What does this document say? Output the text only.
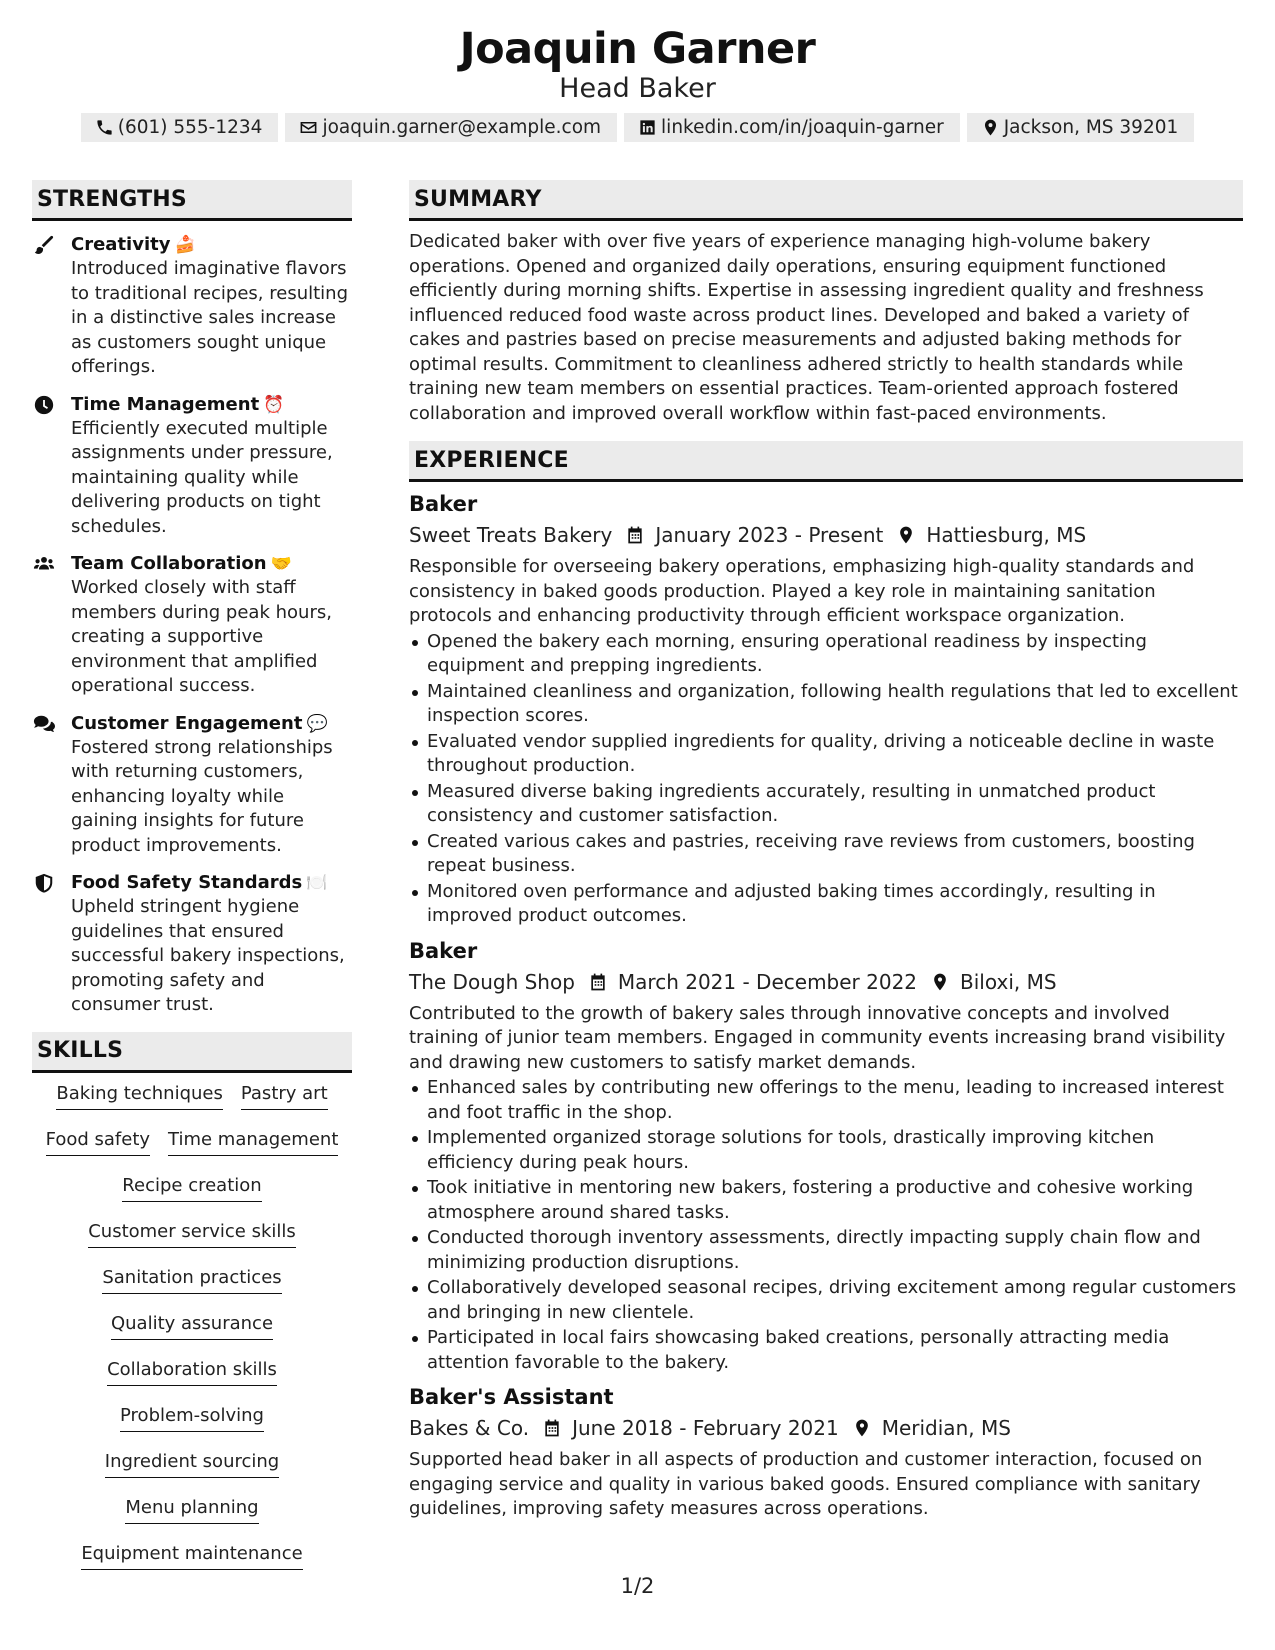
Joaquin Garner
Head Baker
(601) 555-1234	joaquin.garner@example.com	linkedin.com/in/joaquin-garner	Jackson, MS 39201
STRENGTHS
Creativity 🍰
Introduced imaginative flavors to traditional recipes, resulting in a distinctive sales increase as customers sought unique offerings.
Time Management ⏰
Efficiently executed multiple assignments under pressure, maintaining quality while delivering products on tight schedules.
Team Collaboration 🤝
Worked closely with staff members during peak hours, creating a supportive environment that amplified operational success.
Customer Engagement 💬
Fostered strong relationships with returning customers, enhancing loyalty while gaining insights for future product improvements.
Food Safety Standards 🍽️
Upheld stringent hygiene guidelines that ensured successful bakery inspections, promoting safety and consumer trust.
SKILLS
Baking techniques Pastry art
Food safety Time management
Recipe creation
Customer service skills
Sanitation practices
Quality assurance
Collaboration skills
Problem-solving
Ingredient sourcing
Menu planning
Equipment maintenance
SUMMARY
Dedicated baker with over five years of experience managing high-volume bakery operations. Opened and organized daily operations, ensuring equipment functioned efficiently during morning shifts. Expertise in assessing ingredient quality and freshness influenced reduced food waste across product lines. Developed and baked a variety of cakes and pastries based on precise measurements and adjusted baking methods for optimal results. Commitment to cleanliness adhered strictly to health standards while training new team members on essential practices. Team-oriented approach fostered collaboration and improved overall workflow within fast-paced environments.
EXPERIENCE
Baker
Sweet Treats Bakery January 2023 - Present Hattiesburg, MS
Responsible for overseeing bakery operations, emphasizing high-quality standards and consistency in baked goods production. Played a key role in maintaining sanitation protocols and enhancing productivity through efficient workspace organization.
Opened the bakery each morning, ensuring operational readiness by inspecting equipment and prepping ingredients.
Maintained cleanliness and organization, following health regulations that led to excellent inspection scores.
Evaluated vendor supplied ingredients for quality, driving a noticeable decline in waste throughout production.
Measured diverse baking ingredients accurately, resulting in unmatched product consistency and customer satisfaction.
Created various cakes and pastries, receiving rave reviews from customers, boosting repeat business.
Monitored oven performance and adjusted baking times accordingly, resulting in improved product outcomes.
Baker
The Dough Shop March 2021 - December 2022 Biloxi, MS
Contributed to the growth of bakery sales through innovative concepts and involved training of junior team members. Engaged in community events increasing brand visibility and drawing new customers to satisfy market demands.
Enhanced sales by contributing new offerings to the menu, leading to increased interest and foot traffic in the shop.
Implemented organized storage solutions for tools, drastically improving kitchen efficiency during peak hours.
Took initiative in mentoring new bakers, fostering a productive and cohesive working atmosphere around shared tasks.
Conducted thorough inventory assessments, directly impacting supply chain flow and minimizing production disruptions.
Collaboratively developed seasonal recipes, driving excitement among regular customers and bringing in new clientele.
Participated in local fairs showcasing baked creations, personally attracting media attention favorable to the bakery.
Baker's Assistant
Bakes & Co. June 2018 - February 2021 Meridian, MS
Supported head baker in all aspects of production and customer interaction, focused on engaging service and quality in various baked goods. Ensured compliance with sanitary guidelines, improving safety measures across operations.
1/2
